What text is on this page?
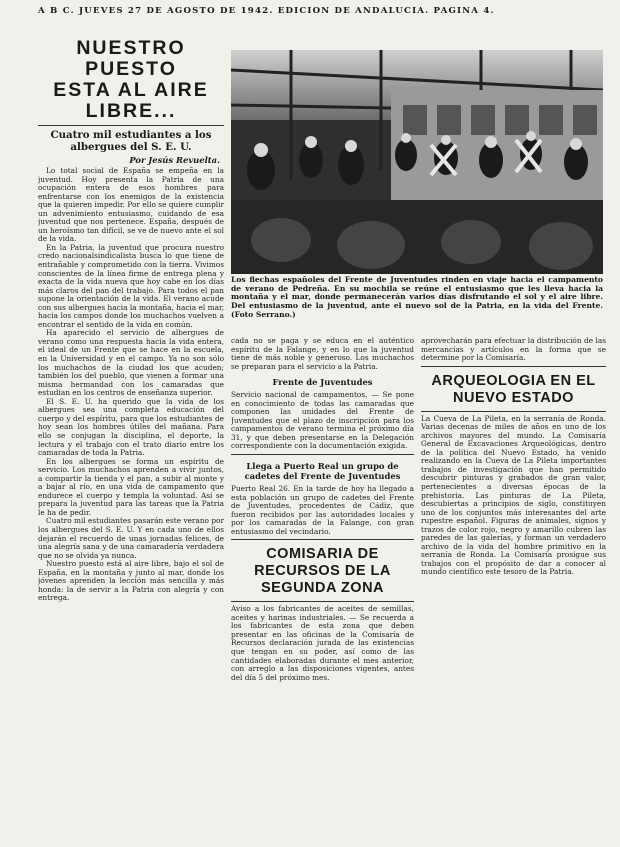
A B C. JUEVES 27 DE AGOSTO DE 1942. EDICION DE ANDALUCIA. PAGINA 4.
NUESTRO PUESTO
ESTA AL AIRE LIBRE...
Cuatro mil estudiantes a los albergues del S. E. U.
Por Jesús Revuelta.

Lo total social de España se empeña en la juventud. Hoy presenta la Patria de una ocupación entera de esos hombres para enfrentarse con los enemigos de la existencia que la quieren impedir. Por ello se quiere cumplir un advenimiento entusiasmo, cuidando de esa juventud que nos pertenece. España, después de un heroísmo tan difícil, se ve de nuevo ante el sol de la vida.

En la Patria, la juventud que procura nuestro credo nacionalsindicalista busca lo que tiene de entrañable y comprometido con la tierra. Vivimos conscientes de la línea firme de entrega plena y exacta de la vida nueva que hoy cabe en los días más claros del pan del trabajo. Para todos el pan supone la orientación de la vida. El verano acude con sus albergues hacia la montaña, hacia el mar, hacia los campos donde los muchachos vuelven a encontrar el sentido de la vida en común.

Ha aparecido el servicio de albergues de verano como una respuesta hacia la vida entera, el ideal de un Frente que se hace en la escuela, en la Universidad y en el campo. Ya no son sólo los muchachos de la ciudad los que acuden; también los del pueblo, que vienen a formar una misma hermandad con los camaradas que estudian en los centros de enseñanza superior.

El S. E. U. ha querido que la vida de los albergues sea una completa educación del cuerpo y del espíritu, para que los estudiantes de hoy sean los hombres útiles del mañana. Para ello se conjugan la disciplina, el deporte, la lectura y el trabajo con el trato diario entre los camaradas de toda la Patria.

En los albergues se forma un espíritu de servicio. Los muchachos aprenden a vivir juntos, a compartir la tienda y el pan, a subir al monte y a bajar al río, en una vida de campamento que endurece el cuerpo y templa la voluntad. Así se prepara la juventud para las tareas que la Patria le ha de pedir.

Cuatro mil estudiantes pasarán este verano por los albergues del S. E. U. Y en cada uno de ellos dejarán el recuerdo de unas jornadas felices, de una alegría sana y de una camaradería verdadera que no se olvida ya nunca.

Nuestro puesto está al aire libre, bajo el sol de España, en la montaña y junto al mar, donde los jóvenes aprenden la lección más sencilla y más honda: la de servir a la Patria con alegría y con entrega.

Los flechas españoles del Frente de Juventudes rinden en viaje hacia el campamento de verano de Pedreña. En su mochila se reúne el entusiasmo que les lleva hacia la montaña y el mar, donde permanecerán varios días disfrutando el sol y el aire libre. Del entusiasmo de la juventud, ante el nuevo sol de la Patria, en la vida del Frente. (Foto Serrano.)
cada no se paga y se educa en el auténtico espíritu de la Falange, y en lo que la juventud tiene de más noble y generoso. Los muchachos se preparan para el servicio a la Patria.
Frente de Juventudes
Servicio nacional de campamentos. — Se pone en conocimiento de todas las camaradas que componen las unidades del Frente de Juventudes que el plazo de inscripción para los campamentos de verano termina el próximo día 31, y que deben presentarse en la Delegación correspondiente con la documentación exigida.
Llega a Puerto Real un grupo de cadetes del Frente de Juventudes
Puerto Real 26. En la tarde de hoy ha llegado a esta población un grupo de cadetes del Frente de Juventudes, procedentes de Cádiz, que fueron recibidos por las autoridades locales y por los camaradas de la Falange, con gran entusiasmo del vecindario.
COMISARIA DE RECURSOS DE LA SEGUNDA ZONA
Aviso a los fabricantes de aceites de semillas, aceites y harinas industriales. — Se recuerda a los fabricantes de esta zona que deben presentar en las oficinas de la Comisaría de Recursos declaración jurada de las existencias que tengan en su poder, así como de las cantidades elaboradas durante el mes anterior, con arreglo a las disposiciones vigentes, antes del día 5 del próximo mes.
aprovecharán para efectuar la distribución de las mercancías y artículos en la forma que se determine por la Comisaría.
ARQUEOLOGIA EN EL NUEVO ESTADO
La Cueva de La Pileta, en la serranía de Ronda. Varias decenas de miles de años en uno de los archivos mayores del mundo. La Comisaría General de Excavaciones Arqueológicas, dentro de la política del Nuevo Estado, ha venido realizando en la Cueva de La Pileta importantes trabajos de investigación que han permitido descubrir pinturas y grabados de gran valor, pertenecientes a diversas épocas de la prehistoria. Las pinturas de La Pileta, descubiertas a principios de siglo, constituyen uno de los conjuntos más interesantes del arte rupestre español. Figuras de animales, signos y trazos de color rojo, negro y amarillo cubren las paredes de las galerías, y forman un verdadero archivo de la vida del hombre primitivo en la serranía de Ronda. La Comisaría prosigue sus trabajos con el propósito de dar a conocer al mundo científico este tesoro de la Patria.
